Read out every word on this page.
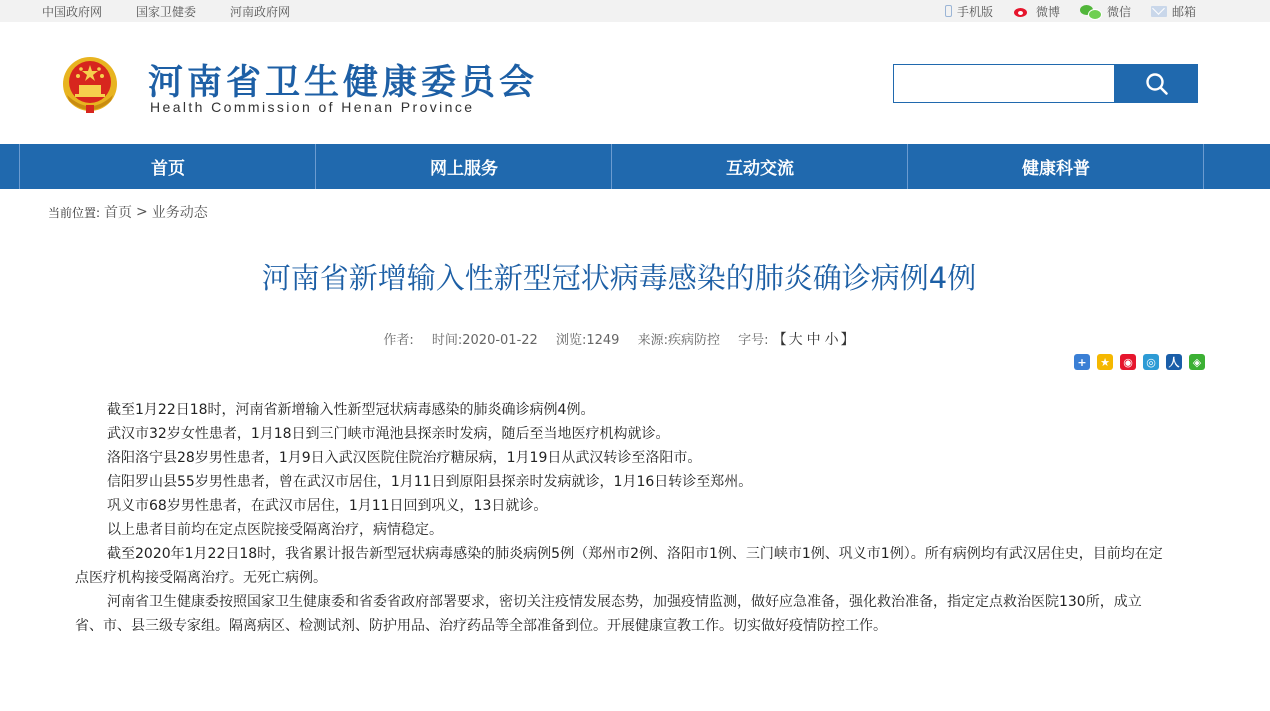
中国政府网	国家卫健委	河南政府网	手机版	微博	微信	邮箱
河南省卫生健康委员会
Health Commission of Henan Province
首页	网上服务	互动交流	健康科普
当前位置: 首页 > 业务动态
河南省新增输入性新型冠状病毒感染的肺炎确诊病例4例
作者: 时间:2020-01-22 浏览:1249 来源:疾病防控 字号: 【 大 中 小 】
+	★ ◉ ◎ 人	◈

截至1月22日18时，河南省新增输入性新型冠状病毒感染的肺炎确诊病例4例。

武汉市32岁女性患者，1月18日到三门峡市渑池县探亲时发病，随后至当地医疗机构就诊。

洛阳洛宁县28岁男性患者，1月9日入武汉医院住院治疗糖尿病，1月19日从武汉转诊至洛阳市。

信阳罗山县55岁男性患者，曾在武汉市居住，1月11日到原阳县探亲时发病就诊，1月16日转诊至郑州。

巩义市68岁男性患者，在武汉市居住，1月11日回到巩义，13日就诊。

以上患者目前均在定点医院接受隔离治疗，病情稳定。

截至2020年1月22日18时，我省累计报告新型冠状病毒感染的肺炎病例5例（郑州市2例、洛阳市1例、三门峡市1例、巩义市1例）。所有病例均有武汉居住史，目前均在定点医疗机构接受隔离治疗。无死亡病例。

河南省卫生健康委按照国家卫生健康委和省委省政府部署要求，密切关注疫情发展态势，加强疫情监测，做好应急准备，强化救治准备，指定定点救治医院130所，成立省、市、县三级专家组。隔离病区、检测试剂、防护用品、治疗药品等全部准备到位。开展健康宣教工作。切实做好疫情防控工作。
